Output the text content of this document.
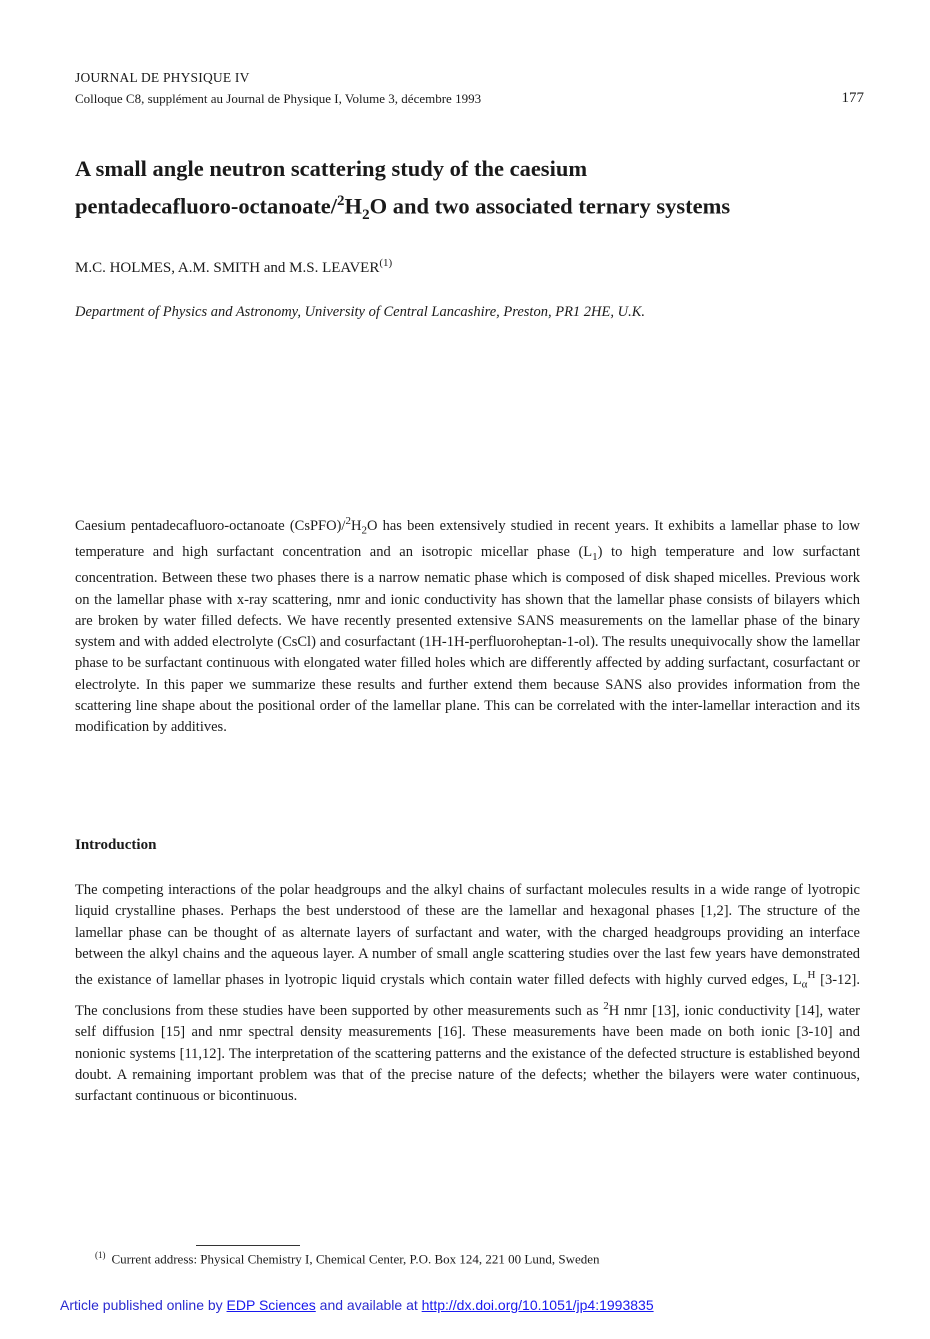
JOURNAL DE PHYSIQUE IV
Colloque C8, supplément au Journal de Physique I, Volume 3, décembre 1993	177
A small angle neutron scattering study of the caesium
pentadecafluoro-$octanoate/^2H_2O$ and two associated ternary systems
M.C. HOLMES, A.M. SMITH and M.S. LEAVER$^{(1)}$
Department of Physics and Astronomy, University of Central Lancashire, Preston, PR1 2HE, U.K.
Caesium pentadecafluoro-octanoate $(CsPFO)/^2H_2O$ has been extensively studied in recent years. It exhibits a lamellar phase to low temperature and high surfactant concentration and an isotropic micellar phase $(L_1)$ to high temperature and low surfactant concentration. Between these two phases there is a narrow nematic phase which is composed of disk shaped micelles. Previous work on the lamellar phase with x-ray scattering, nmr and ionic conductivity has shown that the lamellar phase consists of bilayers which are broken by water filled defects. We have recently presented extensive SANS measurements on the lamellar phase of the binary system and with added electrolyte (CsCl) and cosurfactant (1H-1H-perfluoroheptan-1-ol). The results unequivocally show the lamellar phase to be surfactant continuous with elongated water filled holes which are differently affected by adding surfactant, cosurfactant or electrolyte. In this paper we summarize these results and further extend them because SANS also provides information from the scattering line shape about the positional order of the lamellar plane. This can be correlated with the inter-lamellar interaction and its modification by additives.
Introduction
The competing interactions of the polar headgroups and the alkyl chains of surfactant molecules results in a wide range of lyotropic liquid crystalline phases. Perhaps the best understood of these are the lamellar and hexagonal phases [1,2]. The structure of the lamellar phase can be thought of as alternate layers of surfactant and water, with the charged headgroups providing an interface between the alkyl chains and the aqueous layer. A number of small angle scattering studies over the last few years have demonstrated the existance of lamellar phases in lyotropic liquid crystals which contain water filled defects with highly curved edges, $L_\alpha^H$ [3-12]. The conclusions from these studies have been supported by other measurements such as $^2$H nmr [13], ionic conductivity [14], water self diffusion [15] and nmr spectral density measurements [16]. These measurements have been made on both ionic [3-10] and nonionic systems [11,12]. The interpretation of the scattering patterns and the existance of the defected structure is established beyond doubt. A remaining important problem was that of the precise nature of the defects; whether the bilayers were water continuous, surfactant continuous or bicontinuous.
$^{(1)}$ Current address: Physical Chemistry I, Chemical Center, P.O. Box 124, 221 00 Lund, Sweden
Article published online by EDP Sciences and available at http://dx.doi.org/10.1051/jp4:1993835
